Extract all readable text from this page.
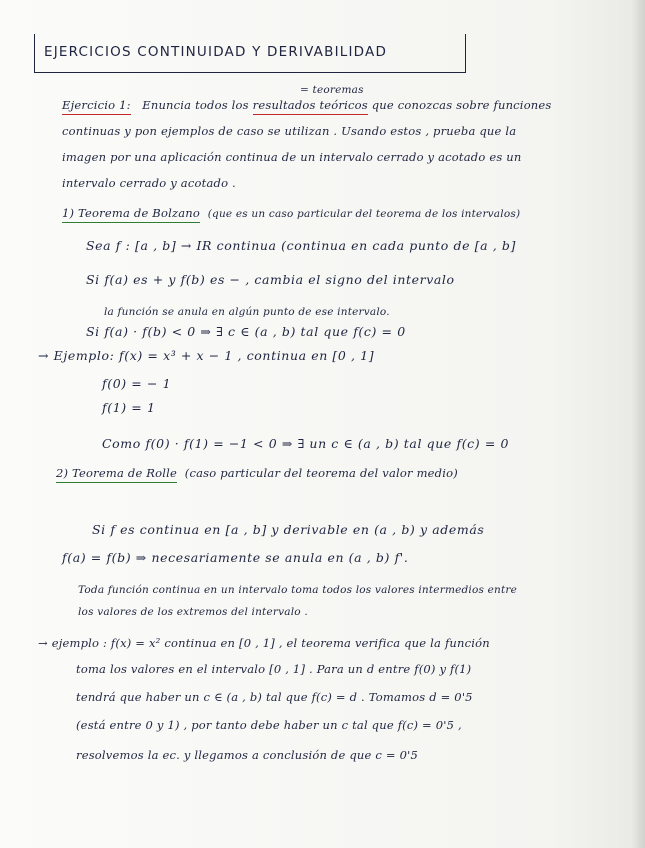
EJERCICIOS CONTINUIDAD Y DERIVABILIDAD
= teoremas
Ejercicio 1: Enuncia todos los resultados teóricos que conozcas sobre funciones
continuas y pon ejemplos de caso se utilizan . Usando estos , prueba que la
imagen por una aplicación continua de un intervalo cerrado y acotado es un
intervalo cerrado y acotado .
1) Teorema de Bolzano (que es un caso particular del teorema de los intervalos)
Sea f : [a , b] → IR continua (continua en cada punto de [a , b]
Si f(a) es + y f(b) es − , cambia el signo del intervalo
la función se anula en algún punto de ese intervalo.
Si f(a) · f(b) < 0 ⇒ ∃ c ∈ (a , b) tal que f(c) = 0
→ Ejemplo: f(x) = x³ + x − 1 , continua en [0 , 1]
f(0) = − 1
f(1) = 1
Como f(0) · f(1) = −1 < 0 ⇒ ∃ un c ∈ (a , b) tal que f(c) = 0
2) Teorema de Rolle (caso particular del teorema del valor medio)
Si f es continua en [a , b] y derivable en (a , b) y además
f(a) = f(b) ⇒ necesariamente se anula en (a , b) f'.
Toda función continua en un intervalo toma todos los valores intermedios entre
los valores de los extremos del intervalo .
→ ejemplo : f(x) = x² continua en [0 , 1] , el teorema verifica que la función
toma los valores en el intervalo [0 , 1] . Para un d entre f(0) y f(1)
tendrá que haber un c ∈ (a , b) tal que f(c) = d . Tomamos d = 0'5
(está entre 0 y 1) , por tanto debe haber un c tal que f(c) = 0'5 ,
resolvemos la ec. y llegamos a conclusión de que c = 0'5
